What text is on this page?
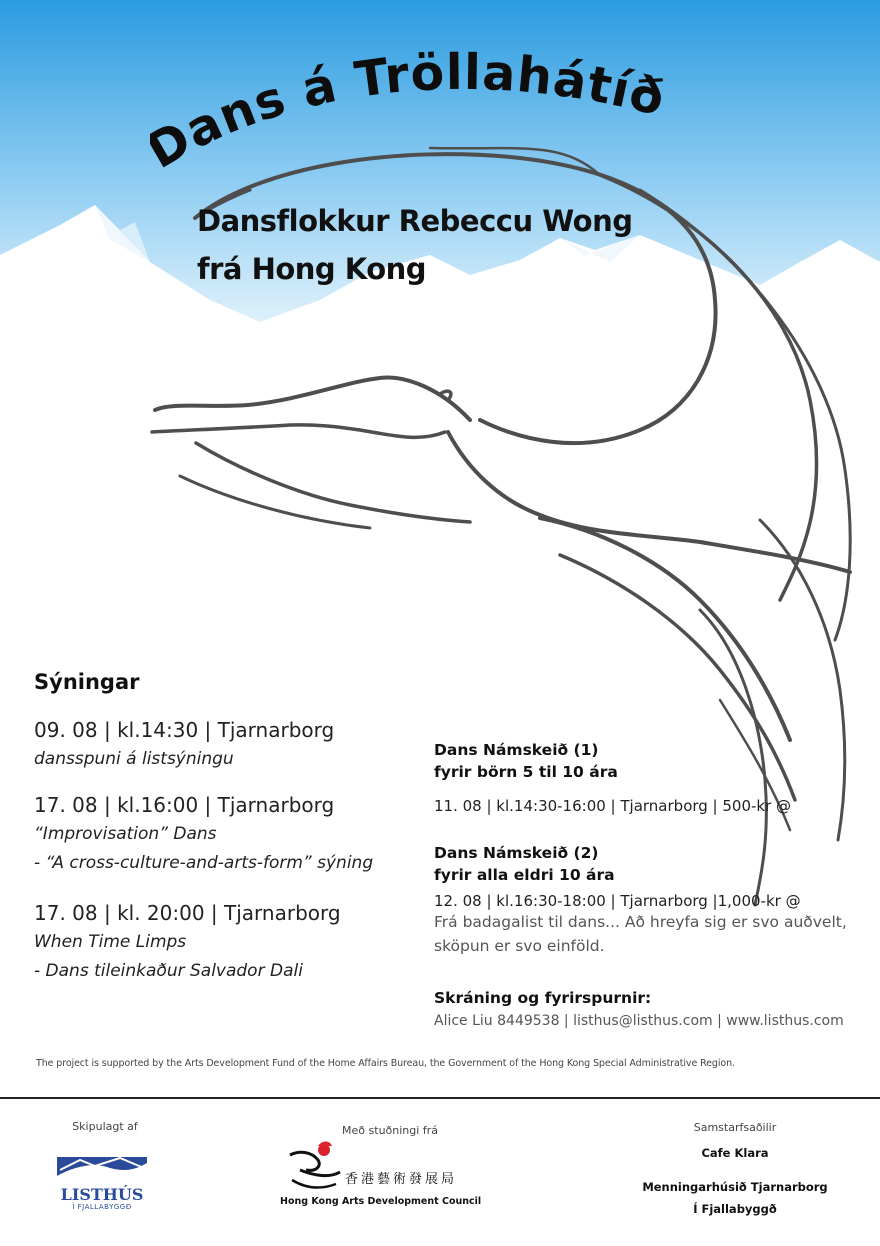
ans á Tröllahátíð
Dansflokkur Rebeccu Wong
frá Hong Kong
Sýningar
09. 08 | kl.14:30 | Tjarnarborg
dansspuni á listsýningu
17. 08 | kl.16:00 | Tjarnarborg
“Improvisation” Dans
- “A cross-culture-and-arts-form” sýning
17. 08 | kl. 20:00 | Tjarnarborg
When Time Limps
- Dans tileinkaður Salvador Dali
Dans Námskeið (1)
fyrir börn 5 til 10 ára
11. 08 | kl.14:30-16:00 | Tjarnarborg | 500-kr @
Dans Námskeið (2)
fyrir alla eldri 10 ára
12. 08 | kl.16:30-18:00 | Tjarnarborg |1,000-kr @
Frá badagalist til dans... Að hreyfa sig er svo auðvelt,
sköpun er svo einföld.
Skráning og fyrirspurnir:
Alice Liu 8449538 | listhus@listhus.com | www.listhus.com
The project is supported by the Arts Development Fund of the Home Affairs Bureau, the Government of the Hong Kong Special Administrative Region.
Skipulagt af
LISTHÚS
Í FJALLABYGGÐ
Með stuðningi frá
香港藝術發展局
Hong Kong Arts Development Council
Samstarfsaðilir
Cafe Klara
Menningarhúsið Tjarnarborg
Í Fjallabyggð
